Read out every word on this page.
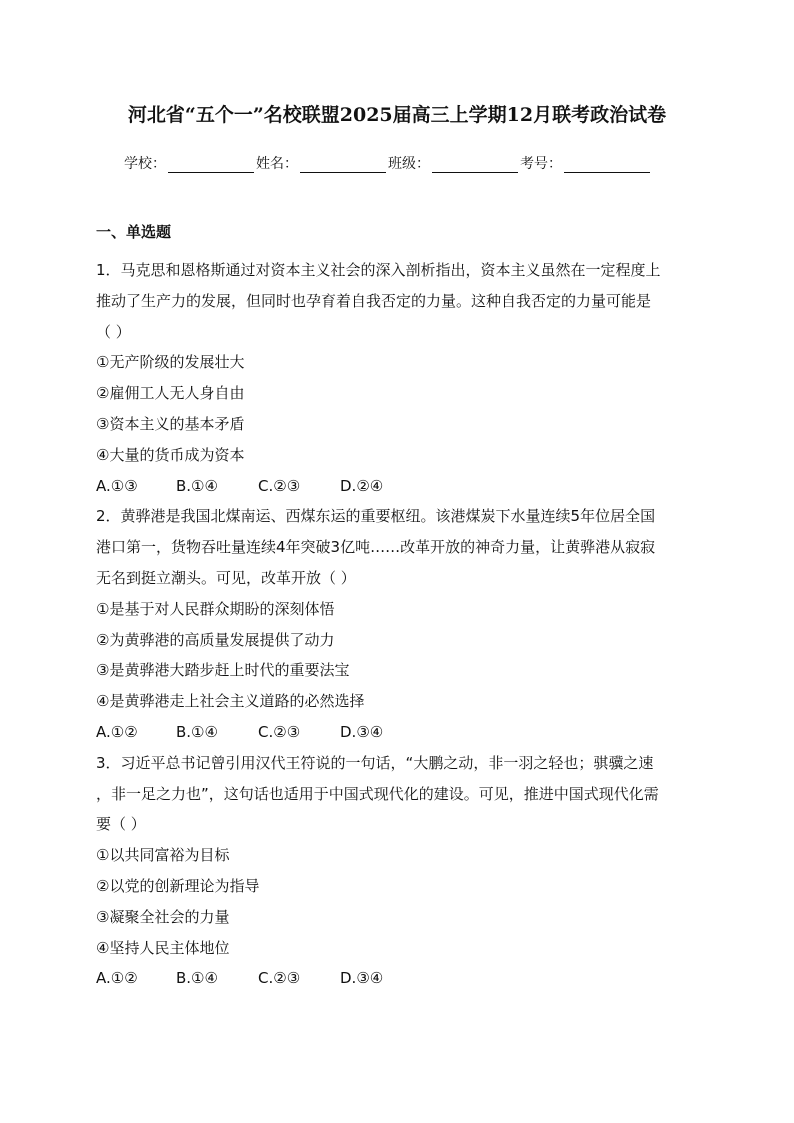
河北省“五个一”名校联盟2025届高三上学期12月联考政治试卷
学校：	姓名：	班级：	考号：
一、单选题
1．马克思和恩格斯通过对资本主义社会的深入剖析指出，资本主义虽然在一定程度上
推动了生产力的发展，但同时也孕育着自我否定的力量。这种自我否定的力量可能是
（ ）
①无产阶级的发展壮大
②雇佣工人无人身自由
③资本主义的基本矛盾
④大量的货币成为资本
A.①③	B.①④	C.②③	D.②④
2．黄骅港是我国北煤南运、西煤东运的重要枢纽。该港煤炭下水量连续5年位居全国
港口第一，货物吞吐量连续4年突破3亿吨……改革开放的神奇力量，让黄骅港从寂寂
无名到挺立潮头。可见，改革开放（ ）
①是基于对人民群众期盼的深刻体悟
②为黄骅港的高质量发展提供了动力
③是黄骅港大踏步赶上时代的重要法宝
④是黄骅港走上社会主义道路的必然选择
A.①②	B.①④	C.②③	D.③④
3．习近平总书记曾引用汉代王符说的一句话，“大鹏之动，非一羽之轻也；骐骥之速
，非一足之力也”，这句话也适用于中国式现代化的建设。可见，推进中国式现代化需
要（ ）
①以共同富裕为目标
②以党的创新理论为指导
③凝聚全社会的力量
④坚持人民主体地位
A.①②	B.①④	C.②③	D.③④
